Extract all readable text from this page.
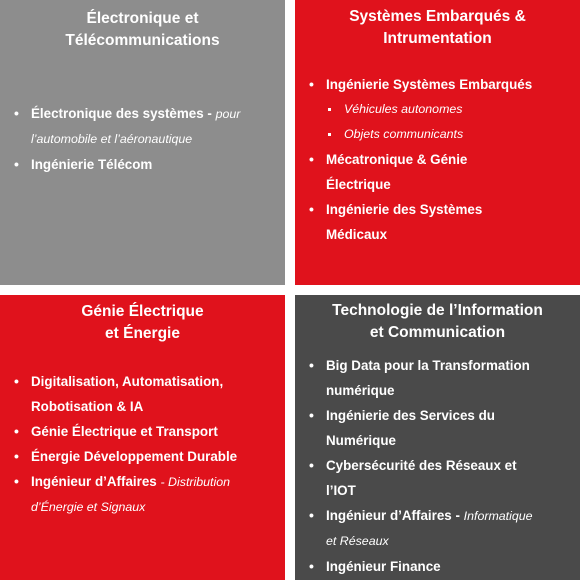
Électronique et
Télécommunications
• Électronique des systèmes - pour
l’automobile et l’aéronautique
• Ingénierie Télécom
Systèmes Embarqués &
Intrumentation
• Ingénierie Systèmes Embarqués
Véhicules autonomes
Objets communicants
• Mécatronique & Génie
Électrique
• Ingénierie des Systèmes
Médicaux
Génie Électrique
et Énergie
• Digitalisation, Automatisation,
Robotisation & IA
• Génie Électrique et Transport
• Énergie Développement Durable
• Ingénieur d’Affaires - Distribution
d’Énergie et Signaux
Technologie de l’Information
et Communication
• Big Data pour la Transformation
numérique
• Ingénierie des Services du
Numérique
• Cybersécurité des Réseaux et
l’IOT
• Ingénieur d’Affaires - Informatique
et Réseaux
• Ingénieur Finance
